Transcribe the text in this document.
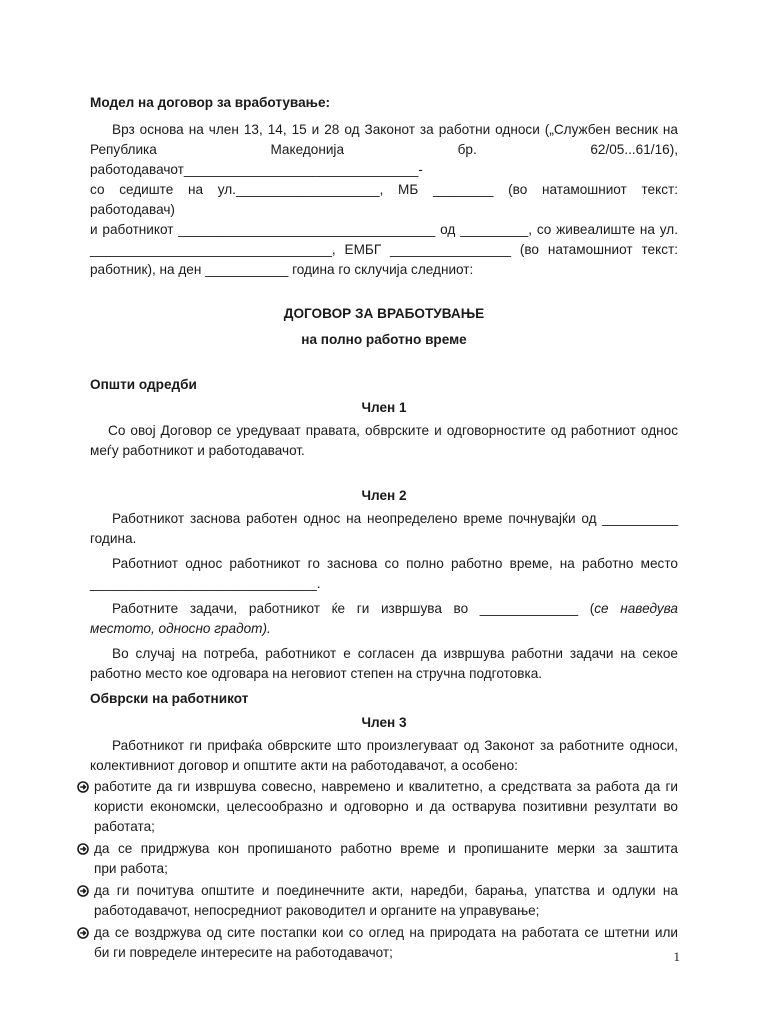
Модел на договор за вработување:

Врз основа на член 13, 14, 15 и 28 од Законот за работни односи („Службен весник на

Република Македонија бр. 62/05...61/16), работодавачот_______________________________-

со седиште на ул.___________________, МБ ________ (во натамошниот текст: работодавач)

и работникот __________________________________ од _________, со живеалиште на ул.

________________________________, ЕМБГ ________________ (во натамошниот текст:

работник), на ден ___________ година го склучија следниот:

ДОГОВОР ЗА ВРАБОТУВАЊЕ

на полно работно време

Општи одредби

Член 1

Со овој Договор се уредуваат правата, обврските и одговорностите од работниот однос

меѓу работникот и работодавачот.

Член 2

Работникот заснова работен однос на неопределено време почнувајќи од __________

година.

Работниот однос работникот го заснова со полно работно време, на работно место

______________________________.

Работните задачи, работникот ќе ги извршува во _____________ (се наведува

местото, односно градот).

Во случај на потреба, работникот е согласен да извршува работни задачи на секое

работно место кое одговара на неговиот степен на стручна подготовка.

Обврски на работникот

Член 3

Работникот ги прифаќа обврските што произлегуваат од Законот за работните односи,

колективниот договор и општите акти на работодавачот, а особено:

работите да ги извршува совесно, навремено и квалитетно, а средствата за работа да ги

користи економски, целесообразно и одговорно и да остварува позитивни резултати во

работата;

да се придржува кон пропишаното работно време и пропишаните мерки за заштита

при работа;

да ги почитува општите и поединечните акти, наредби, барања, упатства и одлуки на

работодавачот, непосредниот раководител и органите на управување;

да се воздржува од сите постапки кои со оглед на природата на работата се штетни или

би ги повределе интересите на работодавачот;	1
